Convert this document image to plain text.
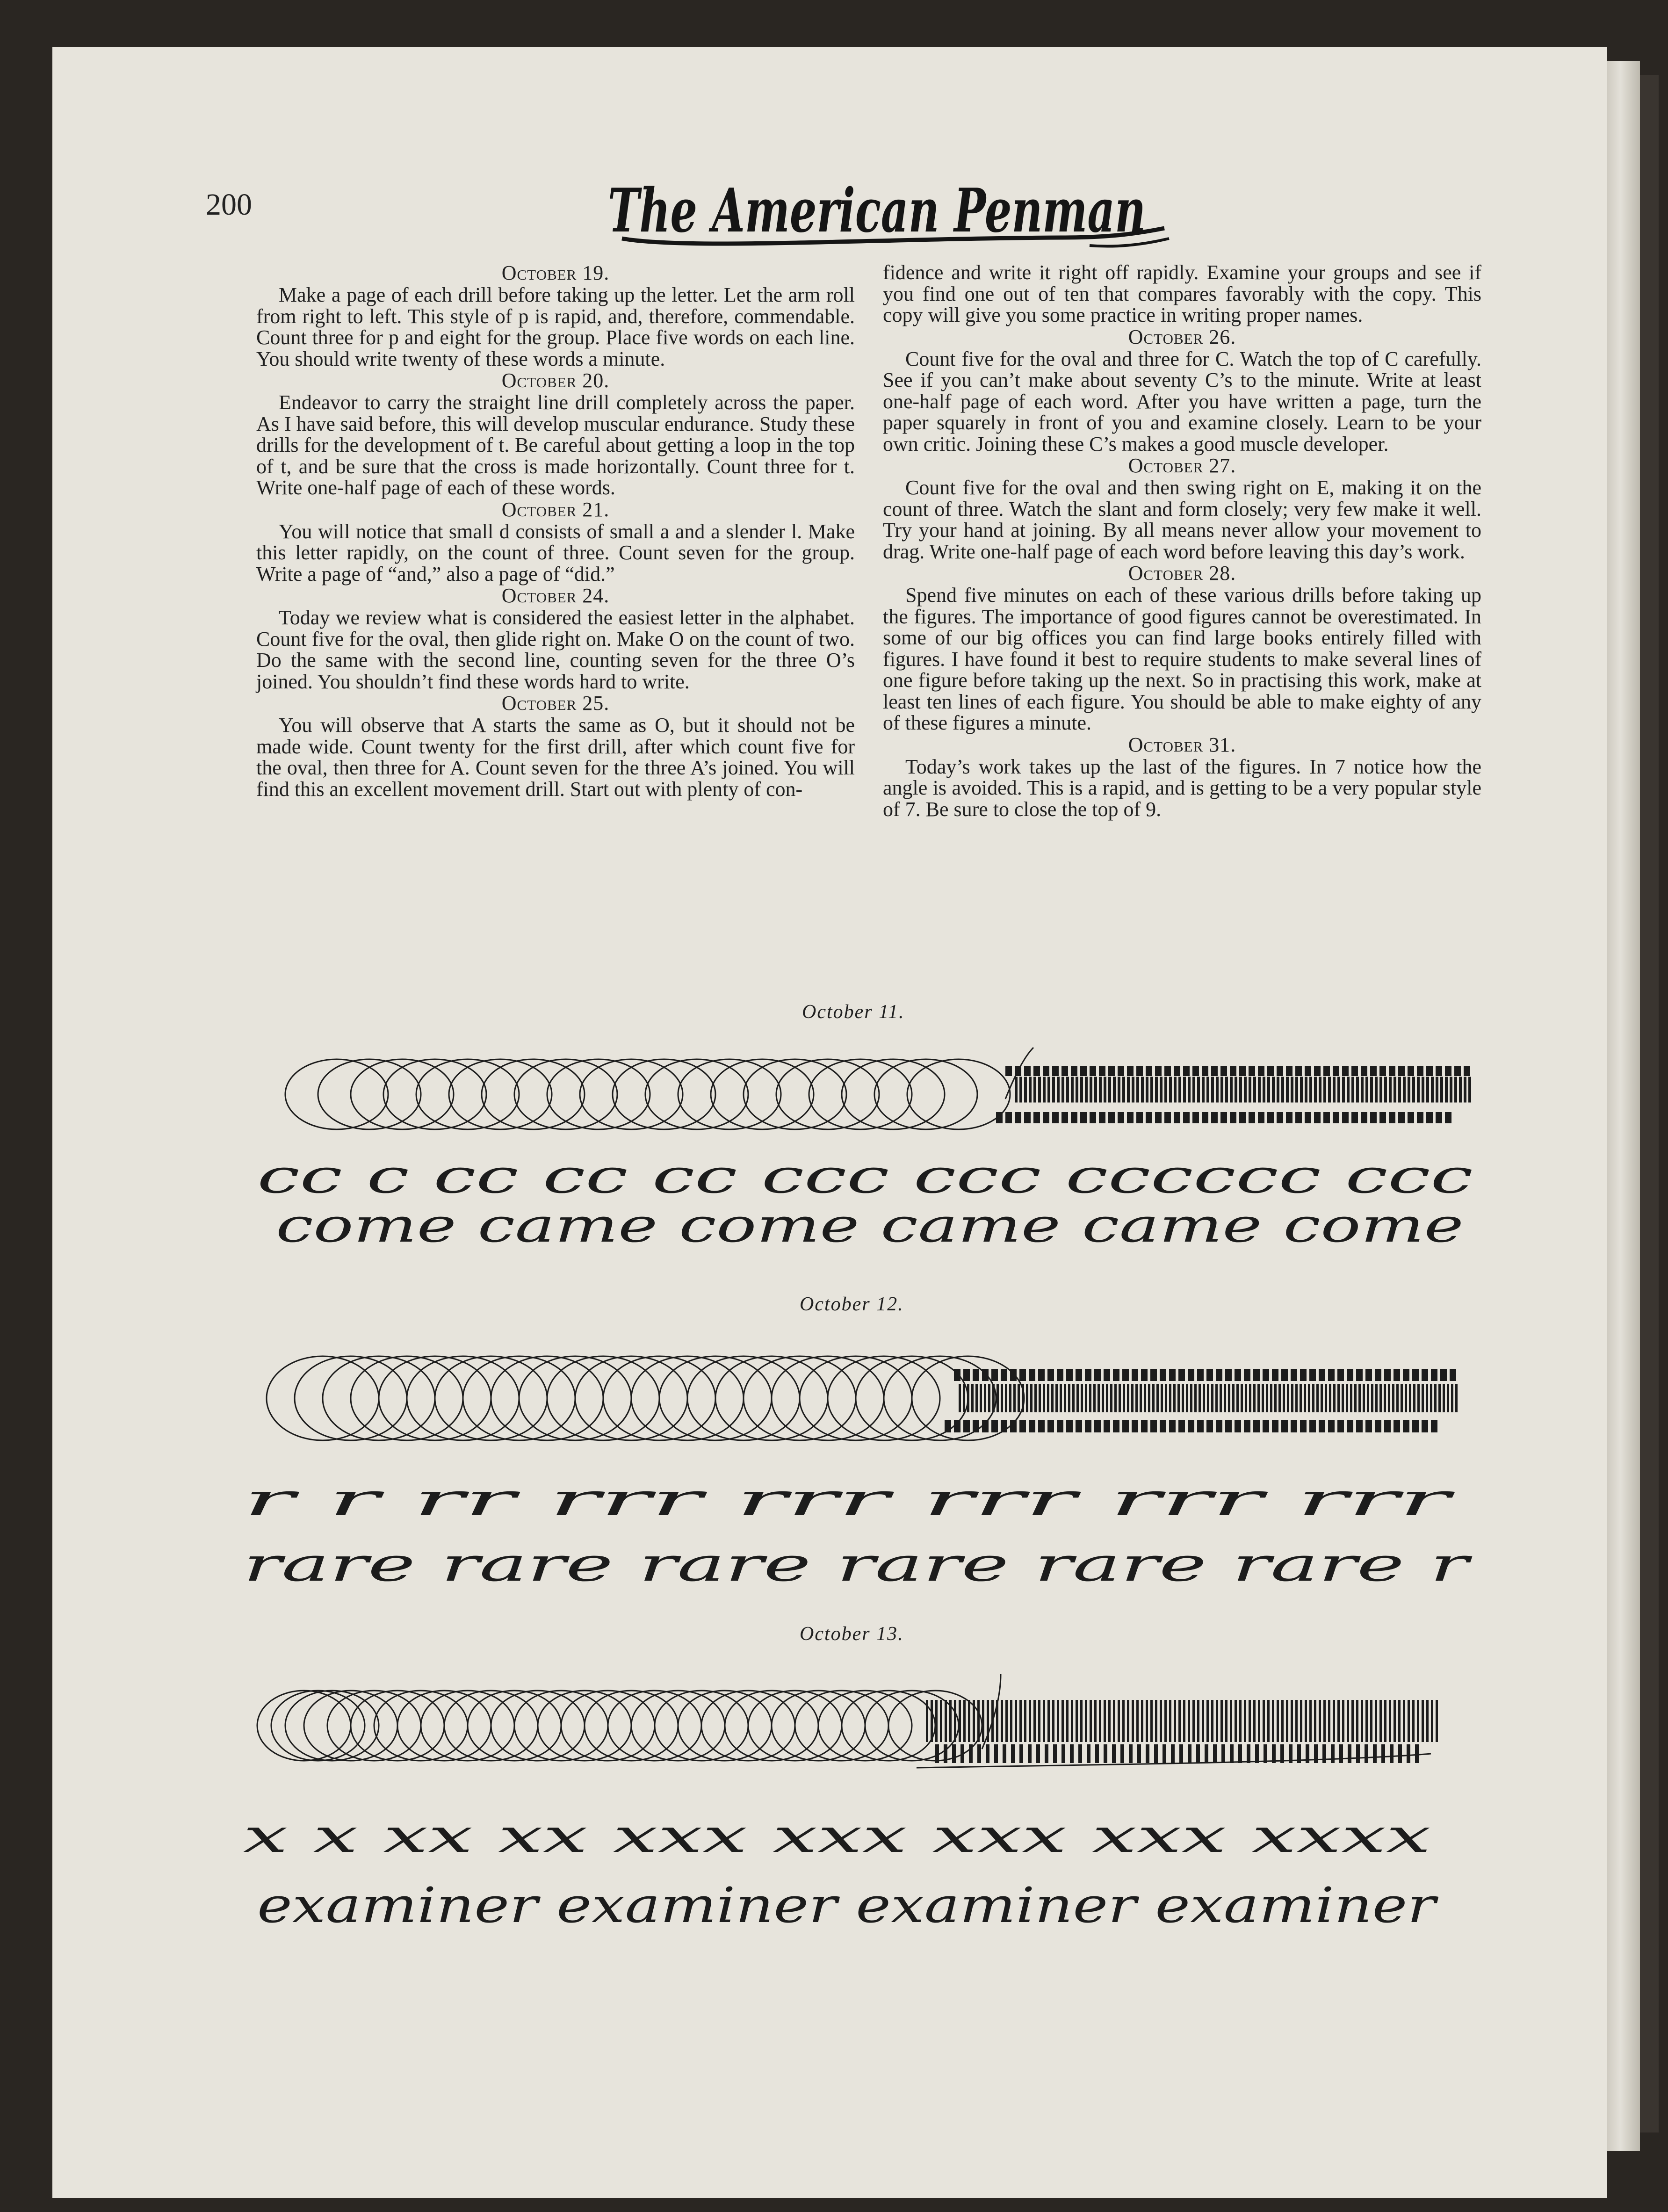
200	The American Penman

October 19.

Make a page of each drill before taking up the letter. Let the arm roll from right to left. This style of p is rapid, and, therefore, commendable. Count three for p and eight for the group. Place five words on each line. You should write twenty of these words a minute.

October 20.

Endeavor to carry the straight line drill completely across the paper. As I have said before, this will develop muscular endurance. Study these drills for the development of t. Be careful about getting a loop in the top of t, and be sure that the cross is made horizontally. Count three for t. Write one-half page of each of these words.

October 21.

You will notice that small d consists of small a and a slender l. Make this letter rapidly, on the count of three. Count seven for the group. Write a page of “and,” also a page of “did.”

October 24.

Today we review what is considered the easiest letter in the alphabet. Count five for the oval, then glide right on. Make O on the count of two. Do the same with the second line, counting seven for the three O’s joined. You shouldn’t find these words hard to write.

October 25.

You will observe that A starts the same as O, but it should not be made wide. Count twenty for the first drill, after which count five for the oval, then three for A. Count seven for the three A’s joined. You will find this an excellent movement drill. Start out with plenty of con-

fidence and write it right off rapidly. Examine your groups and see if you find one out of ten that compares favorably with the copy. This copy will give you some practice in writing proper names.

October 26.

Count five for the oval and three for C. Watch the top of C carefully. See if you can’t make about seventy C’s to the minute. Write at least one-half page of each word. After you have written a page, turn the paper squarely in front of you and examine closely. Learn to be your own critic. Joining these C’s makes a good muscle developer.

October 27.

Count five for the oval and then swing right on E, making it on the count of three. Watch the slant and form closely; very few make it well. Try your hand at joining. By all means never allow your movement to drag. Write one-half page of each word before leaving this day’s work.

October 28.

Spend five minutes on each of these various drills before taking up the figures. The importance of good figures cannot be overestimated. In some of our big offices you can find large books entirely filled with figures. I have found it best to require students to make several lines of one figure before taking up the next. So in practising this work, make at least ten lines of each figure. You should be able to make eighty of any of these figures a minute.

October 31.

Today’s work takes up the last of the figures. In 7 notice how the angle is avoided. This is a rapid, and is getting to be a very popular style of 7. Be sure to close the top of 9.

October 11.
cc c cc cc cc ccc ccc cccccc ccc
come came come came came come
October 12.
r r rr rrr rrr rrr rrr rrr
rare rare rare rare rare rare r
October 13.
x x xx xx xxx xxx xxx xxx xxxx
examiner examiner examiner examiner
